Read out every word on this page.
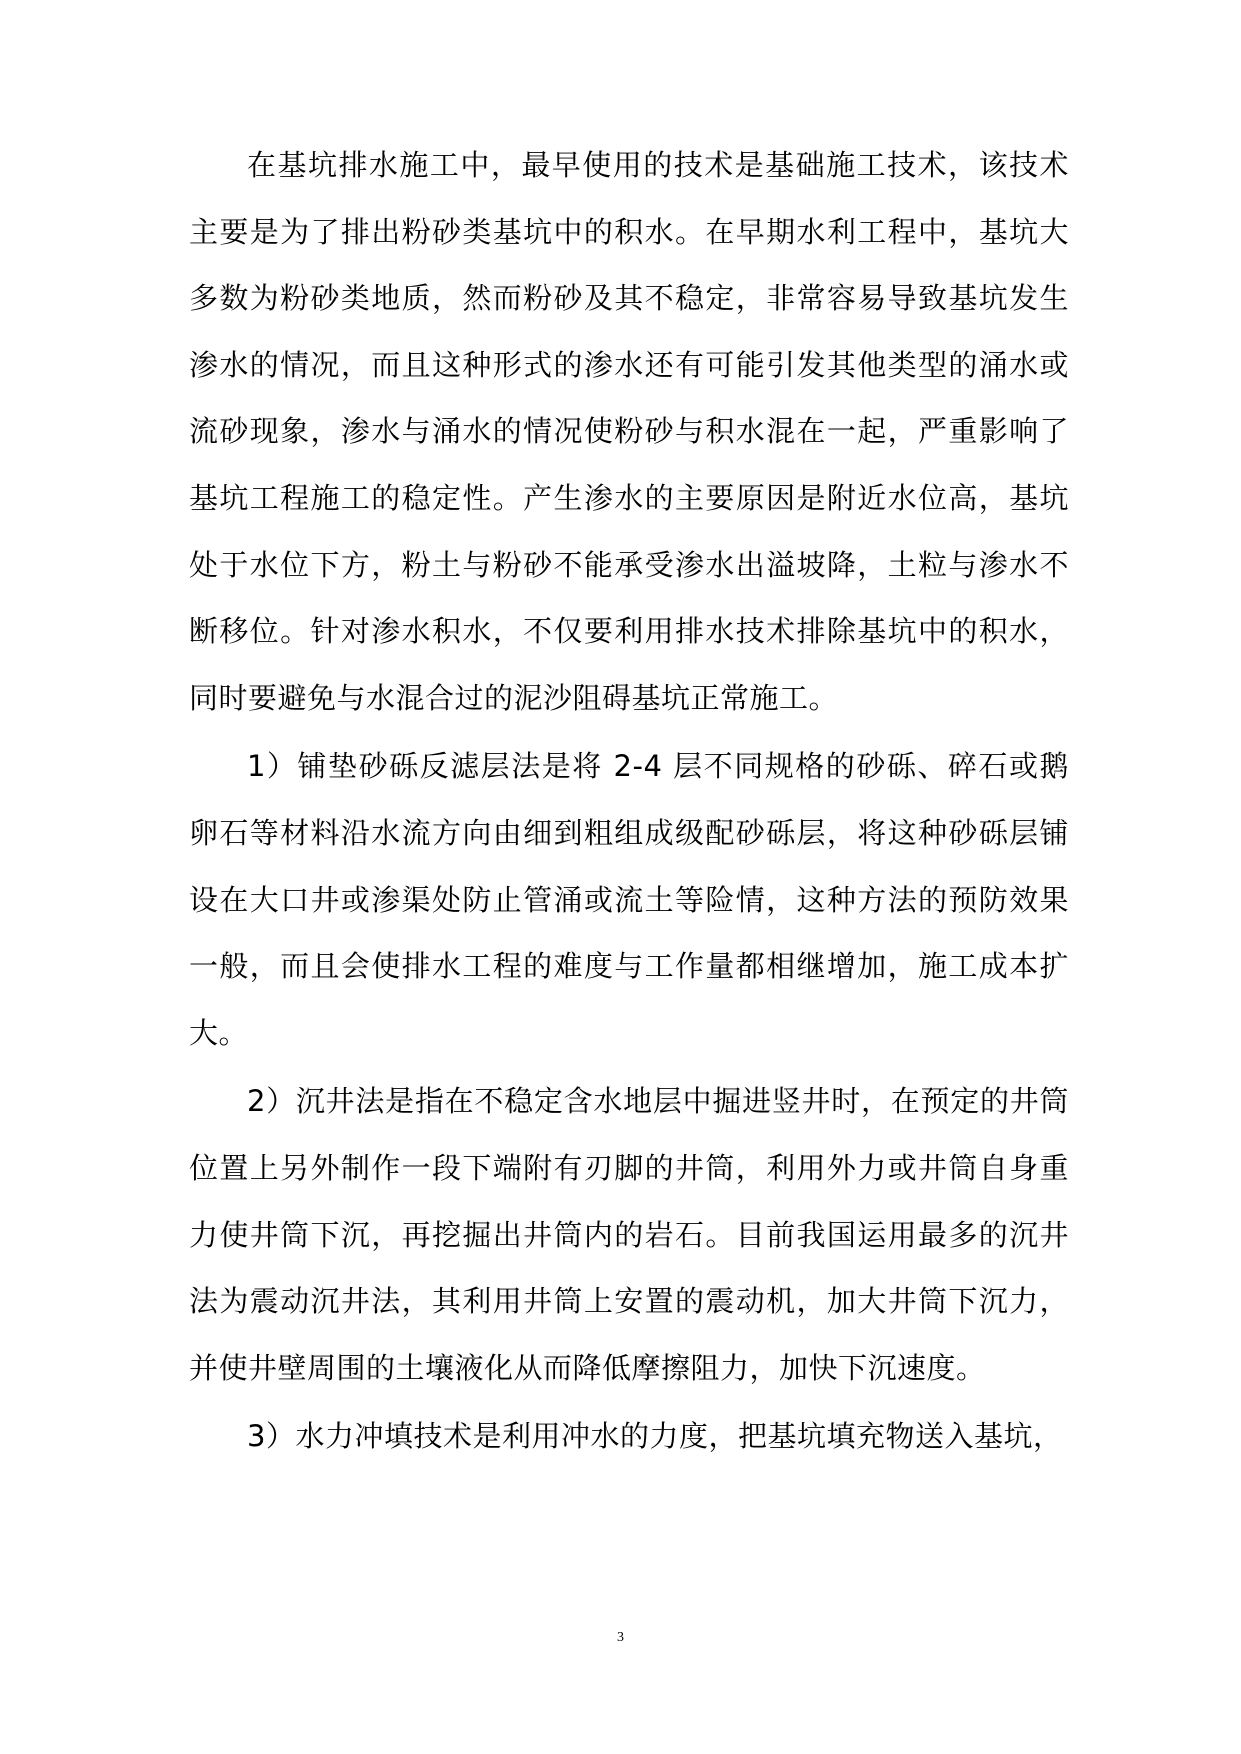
在基坑排水施工中，最早使用的技术是基础施工技术，该技术主要是为了排出粉砂类基坑中的积水。在早期水利工程中，基坑大多数为粉砂类地质，然而粉砂及其不稳定，非常容易导致基坑发生渗水的情况，而且这种形式的渗水还有可能引发其他类型的涌水或流砂现象，渗水与涌水的情况使粉砂与积水混在一起，严重影响了基坑工程施工的稳定性。产生渗水的主要原因是附近水位高，基坑处于水位下方，粉土与粉砂不能承受渗水出溢坡降，土粒与渗水不断移位。针对渗水积水，不仅要利用排水技术排除基坑中的积水，同时要避免与水混合过的泥沙阻碍基坑正常施工。

1）铺垫砂砾反滤层法是将 2-4 层不同规格的砂砾、碎石或鹅卵石等材料沿水流方向由细到粗组成级配砂砾层，将这种砂砾层铺设在大口井或渗渠处防止管涌或流土等险情，这种方法的预防效果一般，而且会使排水工程的难度与工作量都相继增加，施工成本扩大。

2）沉井法是指在不稳定含水地层中掘进竖井时，在预定的井筒位置上另外制作一段下端附有刃脚的井筒，利用外力或井筒自身重力使井筒下沉，再挖掘出井筒内的岩石。目前我国运用最多的沉井法为震动沉井法，其利用井筒上安置的震动机，加大井筒下沉力，并使井壁周围的土壤液化从而降低摩擦阻力，加快下沉速度。

3）水力冲填技术是利用冲水的力度，把基坑填充物送入基坑，

3
